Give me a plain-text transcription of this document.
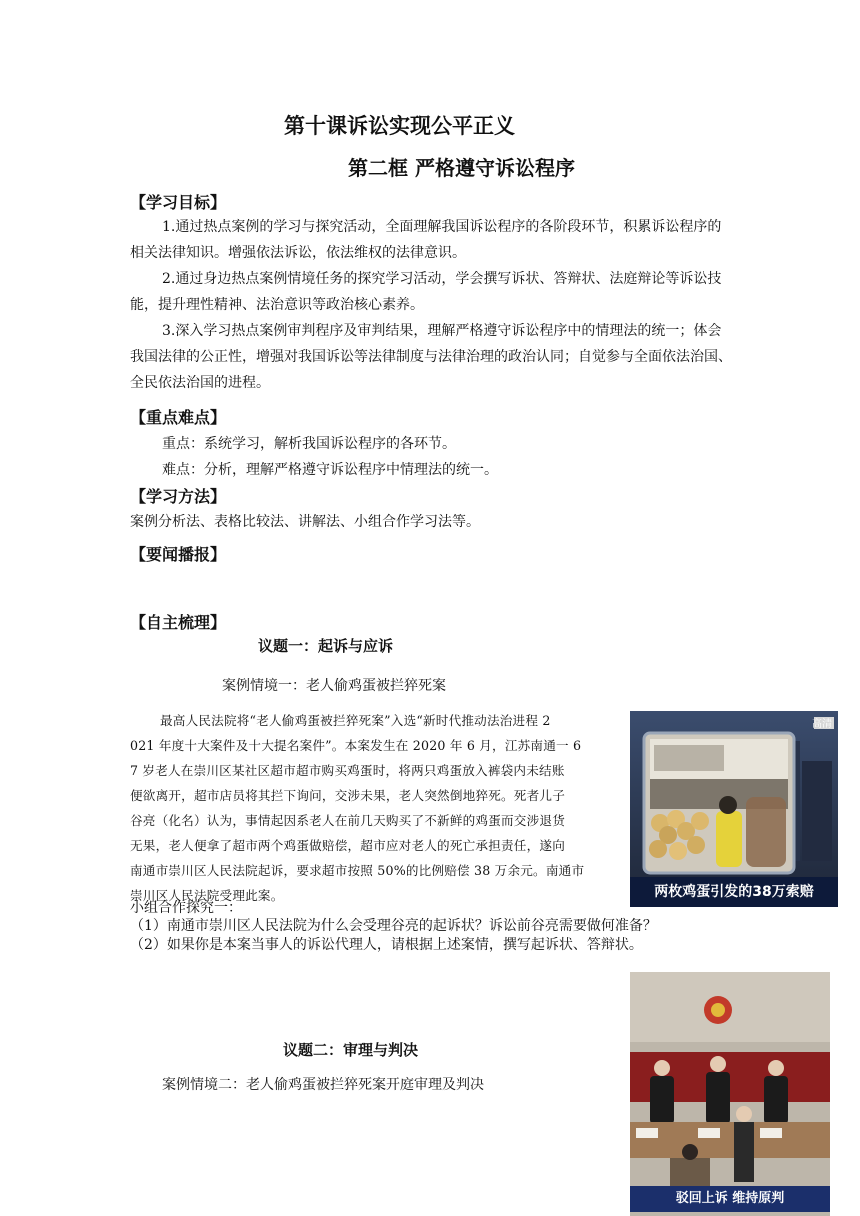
第十课诉讼实现公平正义
第二框 严格遵守诉讼程序
【学习目标】
1.通过热点案例的学习与探究活动，全面理解我国诉讼程序的各阶段环节，积累诉讼程序的相关法律知识。增强依法诉讼，依法维权的法律意识。
2.通过身边热点案例情境任务的探究学习活动，学会撰写诉状、答辩状、法庭辩论等诉讼技能，提升理性精神、法治意识等政治核心素养。
3.深入学习热点案例审判程序及审判结果，理解严格遵守诉讼程序中的情理法的统一；体会我国法律的公正性，增强对我国诉讼等法律制度与法律治理的政治认同；自觉参与全面依法治国、全民依法治国的进程。
【重点难点】
重点：系统学习，解析我国诉讼程序的各环节。
难点：分析，理解严格遵守诉讼程序中情理法的统一。
【学习方法】
案例分析法、表格比较法、讲解法、小组合作学习法等。
【要闻播报】
【自主梳理】
议题一：起诉与应诉
案例情境一：老人偷鸡蛋被拦猝死案
最高人民法院将“老人偷鸡蛋被拦猝死案”入选“新时代推动法治进程 2
021 年度十大案件及十大提名案件”。本案发生在 2020 年 6 月，江苏南通一 6
7 岁老人在崇川区某社区超市超市购买鸡蛋时，将两只鸡蛋放入裤袋内未结账
便欲离开，超市店员将其拦下询问，交涉未果，老人突然倒地猝死。死者儿子
谷亮（化名）认为，事情起因系老人在前几天购买了不新鲜的鸡蛋而交涉退货
无果，老人便拿了超市两个鸡蛋做赔偿，超市应对老人的死亡承担责任，遂向
南通市崇川区人民法院起诉，要求超市按照 50%的比例赔偿 38 万余元。南通市
崇川区人民法院受理此案。
高清
两枚鸡蛋引发的38万索赔
小组合作探究一：
（1）南通市崇川区人民法院为什么会受理谷亮的起诉状？诉讼前谷亮需要做何准备？
（2）如果你是本案当事人的诉讼代理人，请根据上述案情，撰写起诉状、答辩状。
驳回上诉 维持原判
议题二：审理与判决
案例情境二：老人偷鸡蛋被拦猝死案开庭审理及判决
